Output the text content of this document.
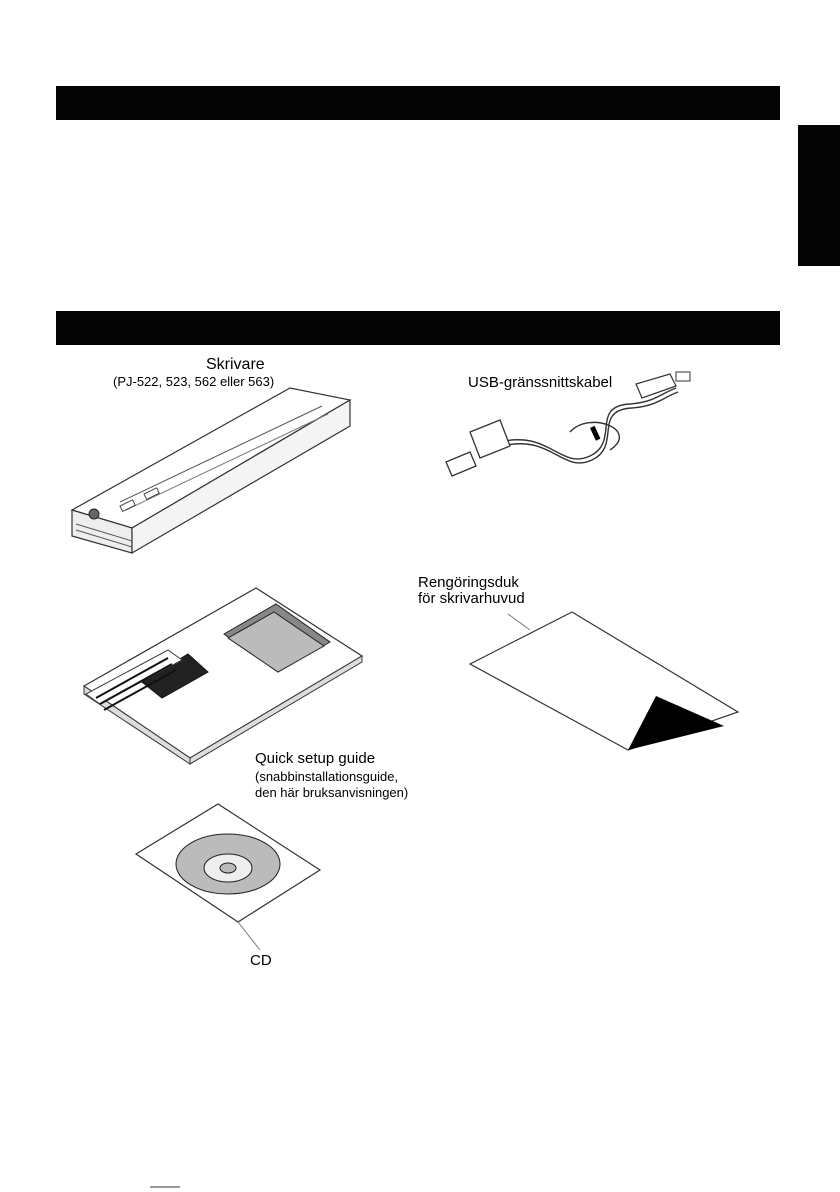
Skrivare
(PJ-522, 523, 562 eller 563)	USB-gränssnittskabel
Quick setup guide
(snabbinstallationsguide,
den här bruksanvisningen)
Rengöringsduk
för skrivarhuvud
CD
